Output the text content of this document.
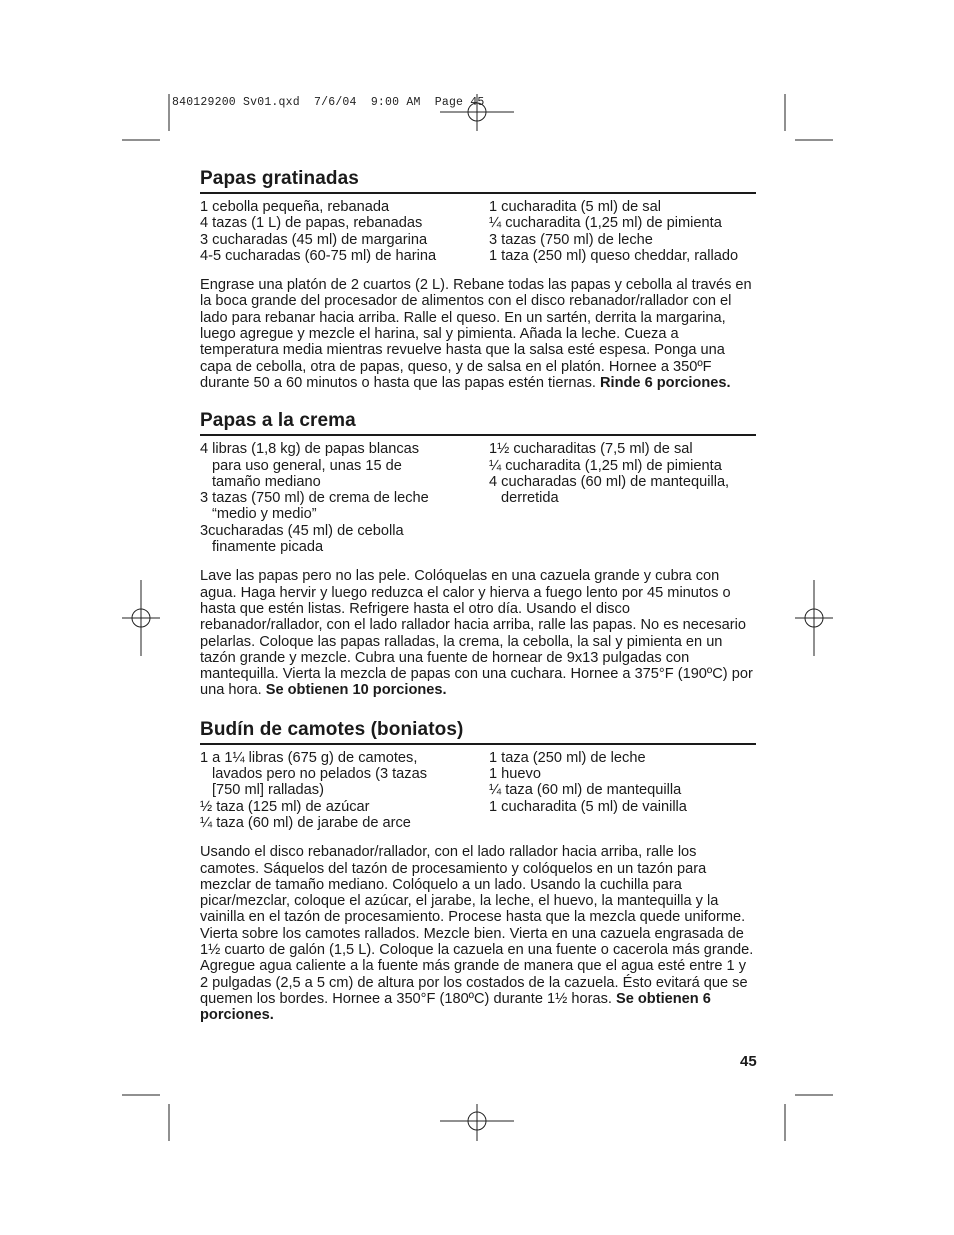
840129200 Sv01.qxd  7/6/04  9:00 AM  Page 45
Papas gratinadas
1 cebolla pequeña, rebanada
4 tazas (1 L) de papas, rebanadas
3 cucharadas (45 ml) de margarina
4-5 cucharadas (60-75 ml) de harina
1 cucharadita (5 ml) de sal
¼ cucharadita (1,25 ml) de pimienta
3 tazas (750 ml) de leche
1 taza (250 ml) queso cheddar, rallado

Engrase una platón de 2 cuartos (2 L). Rebane todas las papas y cebolla al través en la boca grande del procesador de alimentos con el disco rebanador/rallador con el lado para rebanar hacia arriba. Ralle el queso. En un sartén, derrita la margarina, luego agregue y mezcle el harina, sal y pimienta. Añada la leche. Cueza a temperatura media mientras revuelve hasta que la salsa esté espesa. Ponga una capa de cebolla, otra de papas, queso, y de salsa en el platón. Hornee a 350ºF durante 50 a 60 minutos o hasta que las papas estén tiernas. Rinde 6 porciones.

Papas a la crema
4 libras (1,8 kg) de papas blancas para uso general, unas 15 de tamaño mediano
3 tazas (750 ml) de crema de leche “medio y medio”
3cucharadas (45 ml) de cebolla finamente picada
1½ cucharaditas (7,5 ml) de sal
¼ cucharadita (1,25 ml) de pimienta
4 cucharadas (60 ml) de mantequilla, derretida

Lave las papas pero no las pele. Colóquelas en una cazuela grande y cubra con agua. Haga hervir y luego reduzca el calor y hierva a fuego lento por 45 minutos o hasta que estén listas. Refrigere hasta el otro día. Usando el disco rebanador/rallador, con el lado rallador hacia arriba, ralle las papas. No es necesario pelarlas. Coloque las papas ralladas, la crema, la cebolla, la sal y pimienta en un tazón grande y mezcle. Cubra una fuente de hornear de 9x13 pulgadas con mantequilla. Vierta la mezcla de papas con una cuchara. Hornee a 375°F (190ºC) por una hora. Se obtienen 10 porciones.

Budín de camotes (boniatos)
1 a 1¼ libras (675 g) de camotes, lavados pero no pelados (3 tazas [750 ml] ralladas)
½ taza (125 ml) de azúcar
¼ taza (60 ml) de jarabe de arce
1 taza (250 ml) de leche
1 huevo
¼ taza (60 ml) de mantequilla
1 cucharadita (5 ml) de vainilla

Usando el disco rebanador/rallador, con el lado rallador hacia arriba, ralle los camotes. Sáquelos del tazón de procesamiento y colóquelos en un tazón para mezclar de tamaño mediano. Colóquelo a un lado. Usando la cuchilla para picar/mezclar, coloque el azúcar, el jarabe, la leche, el huevo, la mantequilla y la vainilla en el tazón de procesamiento. Procese hasta que la mezcla quede uniforme. Vierta sobre los camotes rallados. Mezcle bien. Vierta en una cazuela engrasada de 1½ cuarto de galón (1,5 L). Coloque la cazuela en una fuente o cacerola más grande. Agregue agua caliente a la fuente más grande de manera que el agua esté entre 1 y 2 pulgadas (2,5 a 5 cm) de altura por los costados de la cazuela. Ésto evitará que se quemen los bordes. Hornee a 350°F (180ºC) durante 1½ horas. Se obtienen 6 porciones.

45
